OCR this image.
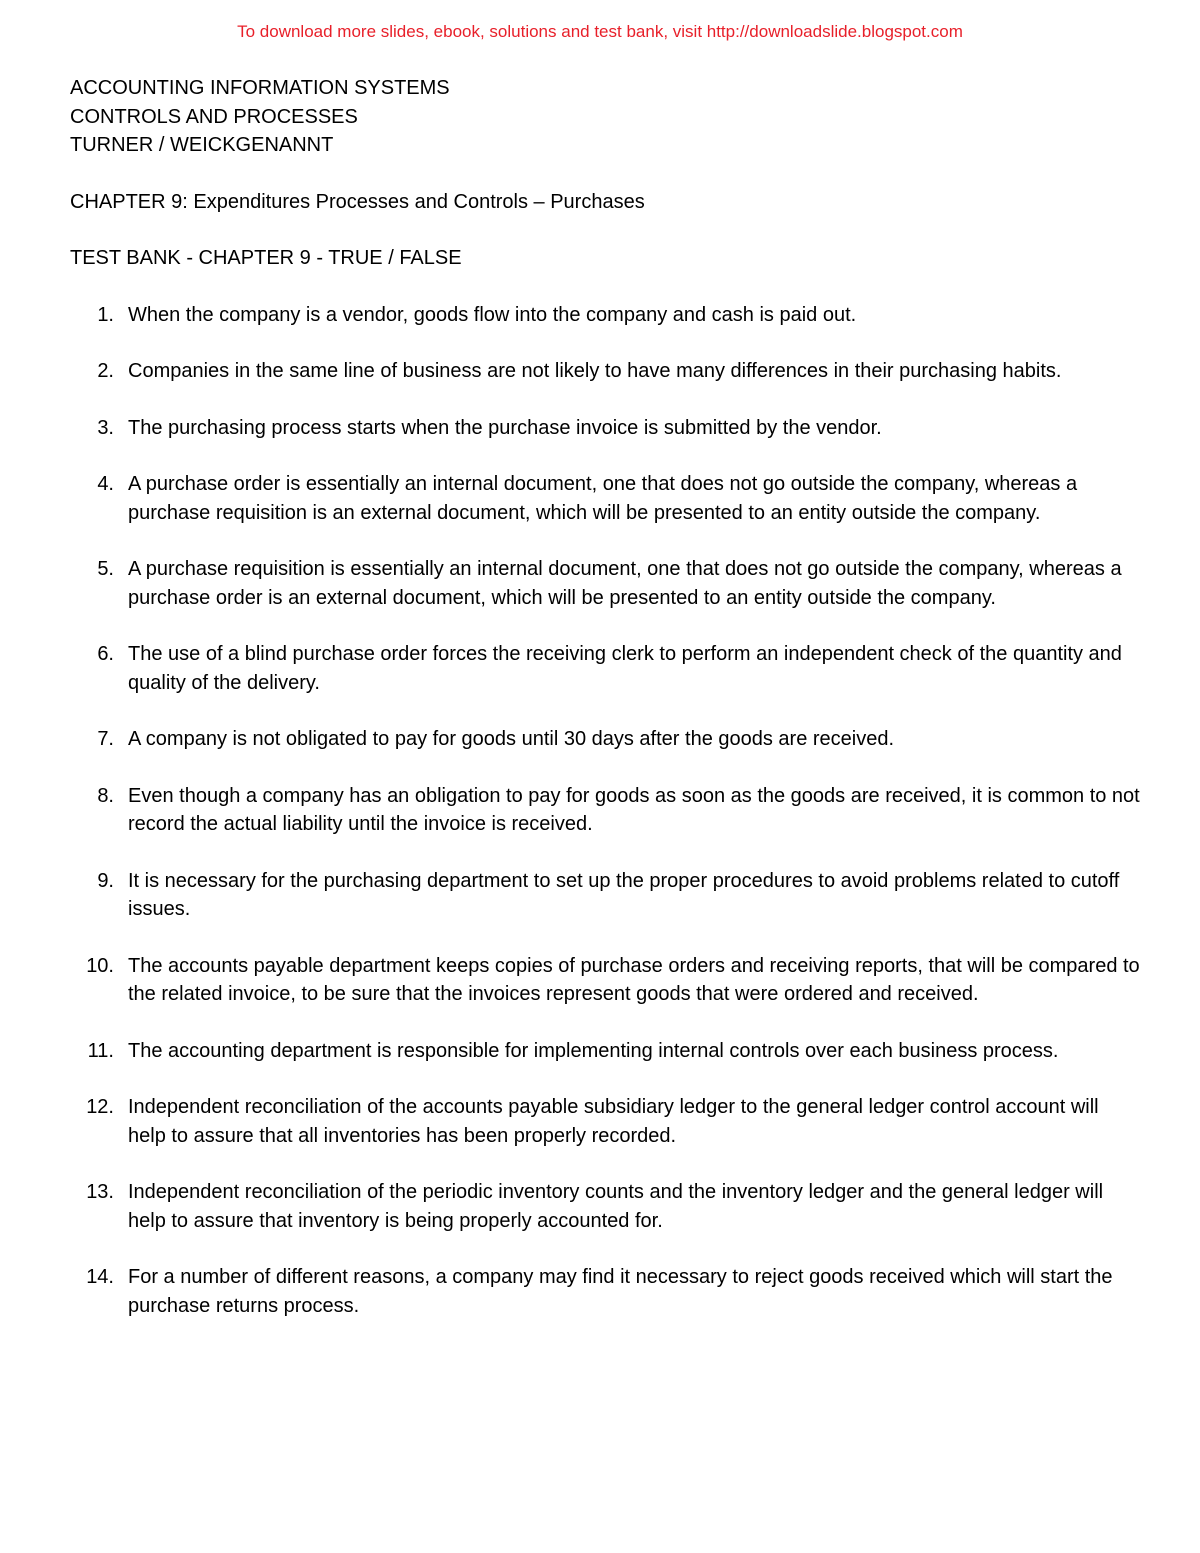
To download more slides, ebook, solutions and test bank, visit http://downloadslide.blogspot.com
ACCOUNTING INFORMATION SYSTEMS
CONTROLS AND PROCESSES
TURNER / WEICKGENANNT
CHAPTER 9: Expenditures Processes and Controls – Purchases
TEST BANK - CHAPTER 9 - TRUE / FALSE
1. When the company is a vendor, goods flow into the company and cash is paid out.
2. Companies in the same line of business are not likely to have many differences in their purchasing habits.
3. The purchasing process starts when the purchase invoice is submitted by the vendor.
4. A purchase order is essentially an internal document, one that does not go outside the company, whereas a purchase requisition is an external document, which will be presented to an entity outside the company.
5. A purchase requisition is essentially an internal document, one that does not go outside the company, whereas a purchase order is an external document, which will be presented to an entity outside the company.
6. The use of a blind purchase order forces the receiving clerk to perform an independent check of the quantity and quality of the delivery.
7. A company is not obligated to pay for goods until 30 days after the goods are received.
8. Even though a company has an obligation to pay for goods as soon as the goods are received, it is common to not record the actual liability until the invoice is received.
9. It is necessary for the purchasing department to set up the proper procedures to avoid problems related to cutoff issues.
10. The accounts payable department keeps copies of purchase orders and receiving reports, that will be compared to the related invoice, to be sure that the invoices represent goods that were ordered and received.
11. The accounting department is responsible for implementing internal controls over each business process.
12. Independent reconciliation of the accounts payable subsidiary ledger to the general ledger control account will help to assure that all inventories has been properly recorded.
13. Independent reconciliation of the periodic inventory counts and the inventory ledger and the general ledger will help to assure that inventory is being properly accounted for.
14. For a number of different reasons, a company may find it necessary to reject goods received which will start the purchase returns process.
